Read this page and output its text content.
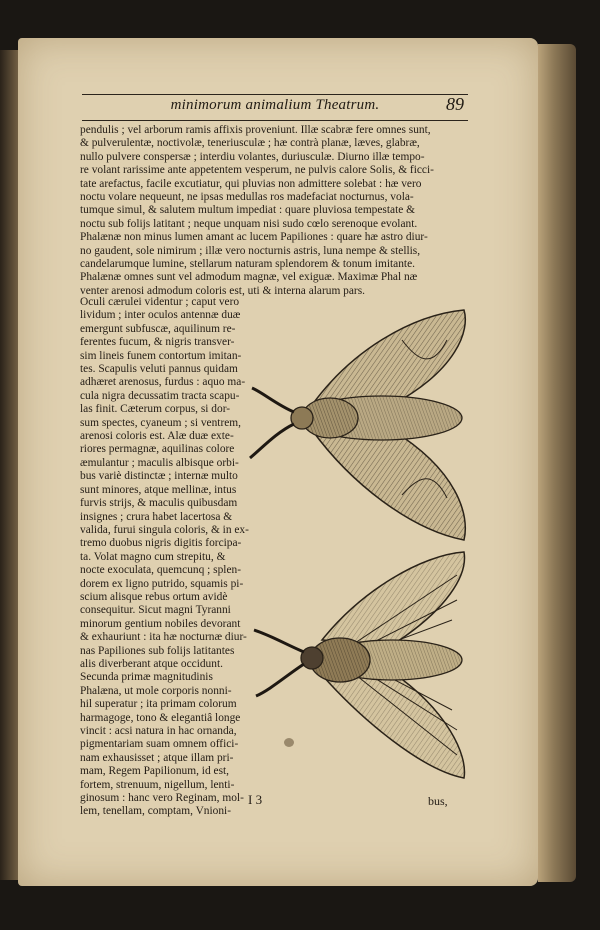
minimorum animalium Theatrum.	89

pendulis ; vel arborum ramis affixis proveniunt. Illæ scabræ fere omnes sunt,

& pulverulentæ, noctivolæ, teneriusculæ ; hæ contrà planæ, læves, glabræ,

nullo pulvere conspersæ ; interdiu volantes, duriusculæ. Diurno illæ tempo-

re volant rarissime ante appetentem vesperum, ne pulvis calore Solis, & ficci-

tate arefactus, facile excutiatur, qui pluvias non admittere solebat : hæ vero

noctu volare nequeunt, ne ipsas medullas ros madefaciat nocturnus, vola-

tumque simul, & salutem multum impediat : quare pluviosa tempestate &

noctu sub folijs latitant ; neque unquam nisi sudo cœlo serenoque evolant.

Phalænæ non minus lumen amant ac lucem Papiliones : quare hæ astro diur-

no gaudent, sole nimirum ; illæ vero nocturnis astris, luna nempe & stellis,

candelarumque lumine, stellarum naturam splendorem & tonum imitante.

Phalænæ omnes sunt vel admodum magnæ, vel exiguæ. Maximæ Phal næ

venter arenosi admodum coloris est, uti & interna alarum pars.

Oculi cærulei videntur ; caput vero

lividum ; inter oculos antennæ duæ

emergunt subfuscæ, aquilinum re-

ferentes fucum, & nigris transver-

sim lineis funem contortum imitan-

tes. Scapulis veluti pannus quidam

adhæret arenosus, furdus : aquo ma-

cula nigra decussatim tracta scapu-

las finit. Cæterum corpus, si dor-

sum spectes, cyaneum ; si ventrem,

arenosi coloris est. Alæ duæ exte-

riores permagnæ, aquilinas colore

æmulantur ; maculis albisque orbi-

bus variè distinctæ ; internæ multo

sunt minores, atque mellinæ, intus

furvis strijs, & maculis quibusdam

insignes ; crura habet lacertosa &

valida, furui singula coloris, & in ex-

tremo duobus nigris digitis forcipa-

ta. Volat magno cum strepitu, &

nocte exoculata, quemcunq ; splen-

dorem ex ligno putrido, squamis pi-

scium alisque rebus ortum avidè

consequitur. Sicut magni Tyranni

minorum gentium nobiles devorant

& exhauriunt : ita hæ nocturnæ diur-

nas Papiliones sub folijs latitantes

alis diverberant atque occidunt.

Secunda primæ magnitudinis

Phalæna, ut mole corporis nonni-

hil superatur ; ita primam colorum

harmagoge, tono & elegantiâ longe

vincit : acsi natura in hac ornanda,

pigmentariam suam omnem offici-

nam exhausisset ; atque illam pri-

mam, Regem Papilionum, id est,

fortem, strenuum, nigellum, lenti-

ginosum : hanc vero Reginam, mol-

lem, tenellam, comptam, Vnioni-

I 3	bus,
